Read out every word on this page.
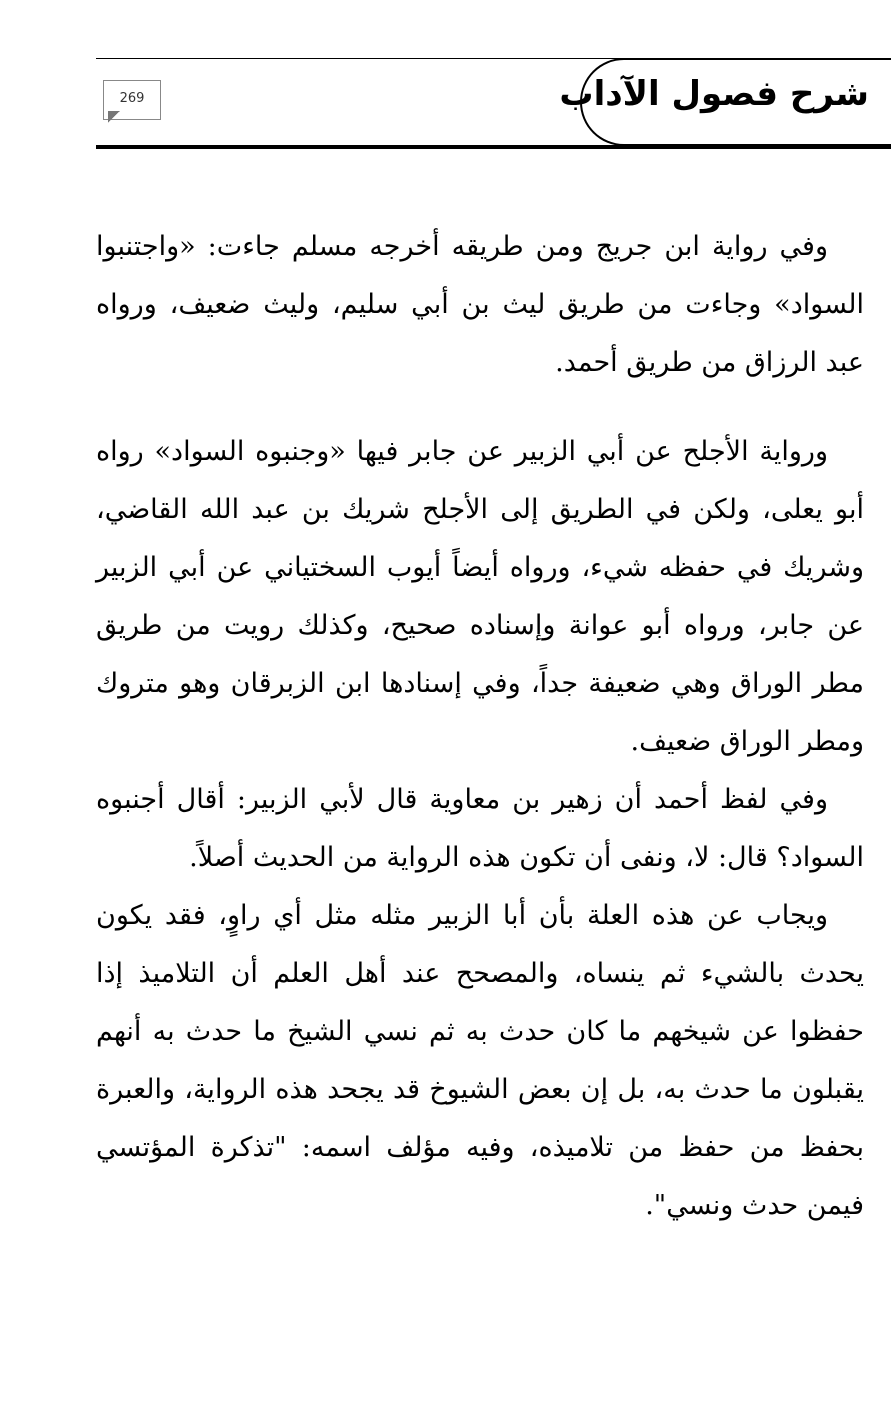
شرح فصول الآداب
269

وفي رواية ابن جريج ومن طريقه أخرجه مسلم جاءت: «واجتنبوا السواد» وجاءت من طريق ليث بن أبي سليم، وليث ضعيف، ورواه عبد الرزاق من طريق أحمد.

ورواية الأجلح عن أبي الزبير عن جابر فيها «وجنبوه السواد» رواه أبو يعلى، ولكن في الطريق إلى الأجلح شريك بن عبد الله القاضي، وشريك في حفظه شيء، ورواه أيضاً أيوب السختياني عن أبي الزبير عن جابر، ورواه أبو عوانة وإسناده صحيح، وكذلك رويت من طريق مطر الوراق وهي ضعيفة جداً، وفي إسنادها ابن الزبرقان وهو متروك ومطر الوراق ضعيف.

وفي لفظ أحمد أن زهير بن معاوية قال لأبي الزبير: أقال أجنبوه السواد؟ قال: لا، ونفى أن تكون هذه الرواية من الحديث أصلاً.

ويجاب عن هذه العلة بأن أبا الزبير مثله مثل أي راوٍ، فقد يكون يحدث بالشيء ثم ينساه، والمصحح عند أهل العلم أن التلاميذ إذا حفظوا عن شيخهم ما كان حدث به ثم نسي الشيخ ما حدث به أنهم يقبلون ما حدث به، بل إن بعض الشيوخ قد يجحد هذه الرواية، والعبرة بحفظ من حفظ من تلاميذه، وفيه مؤلف اسمه: "تذكرة المؤتسي فيمن حدث ونسي".
